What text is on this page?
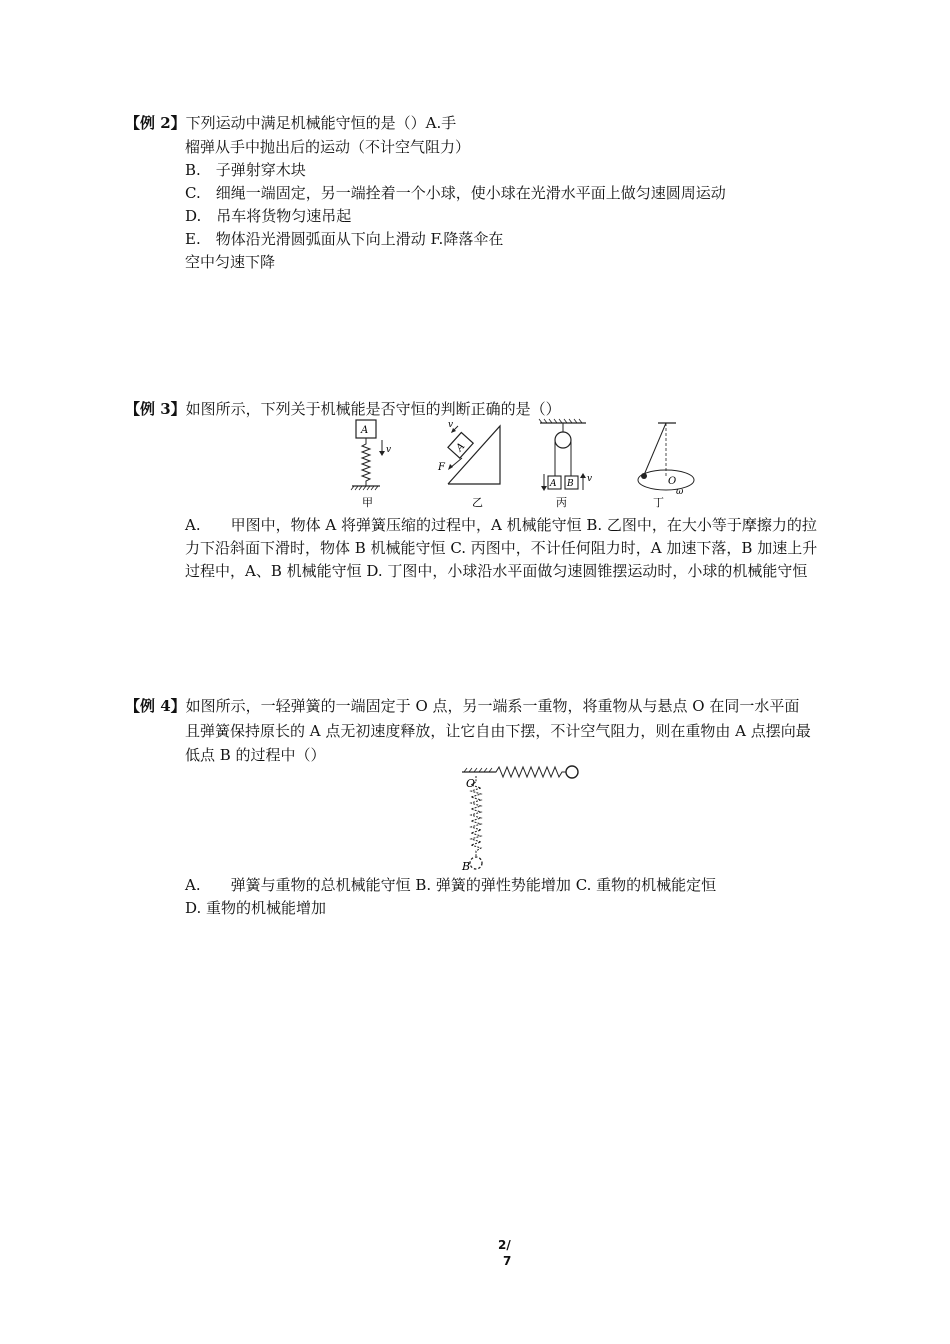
【例 2】下列运动中满足机械能守恒的是（）A.手
榴弹从手中抛出后的运动（不计空气阻力）
B.　子弹射穿木块
C.　细绳一端固定，另一端拴着一个小球，使小球在光滑水平面上做匀速圆周运动
D.　吊车将货物匀速吊起
E.　物体沿光滑圆弧面从下向上滑动 F.降落伞在
空中匀速下降
【例 3】如图所示，下列关于机械能是否守恒的判断正确的是（）
A
v
甲
A
v
F
乙
A B v
丙
O
ω
丁
A.　　甲图中，物体 A 将弹簧压缩的过程中，A 机械能守恒 B. 乙图中，在大小等于摩擦力的拉
力下沿斜面下滑时，物体 B 机械能守恒 C. 丙图中，不计任何阻力时，A 加速下落，B 加速上升
过程中，A、B 机械能守恒 D. 丁图中，小球沿水平面做匀速圆锥摆运动时，小球的机械能守恒
【例 4】如图所示，一轻弹簧的一端固定于 O 点，另一端系一重物，将重物从与悬点 O 在同一水平面
且弹簧保持原长的 A 点无初速度释放，让它自由下摆，不计空气阻力，则在重物由 A 点摆向最
低点 B 的过程中（）
O
B
A.　　弹簧与重物的总机械能守恒 B. 弹簧的弹性势能增加 C. 重物的机械能定恒
D. 重物的机械能增加
2/
7
